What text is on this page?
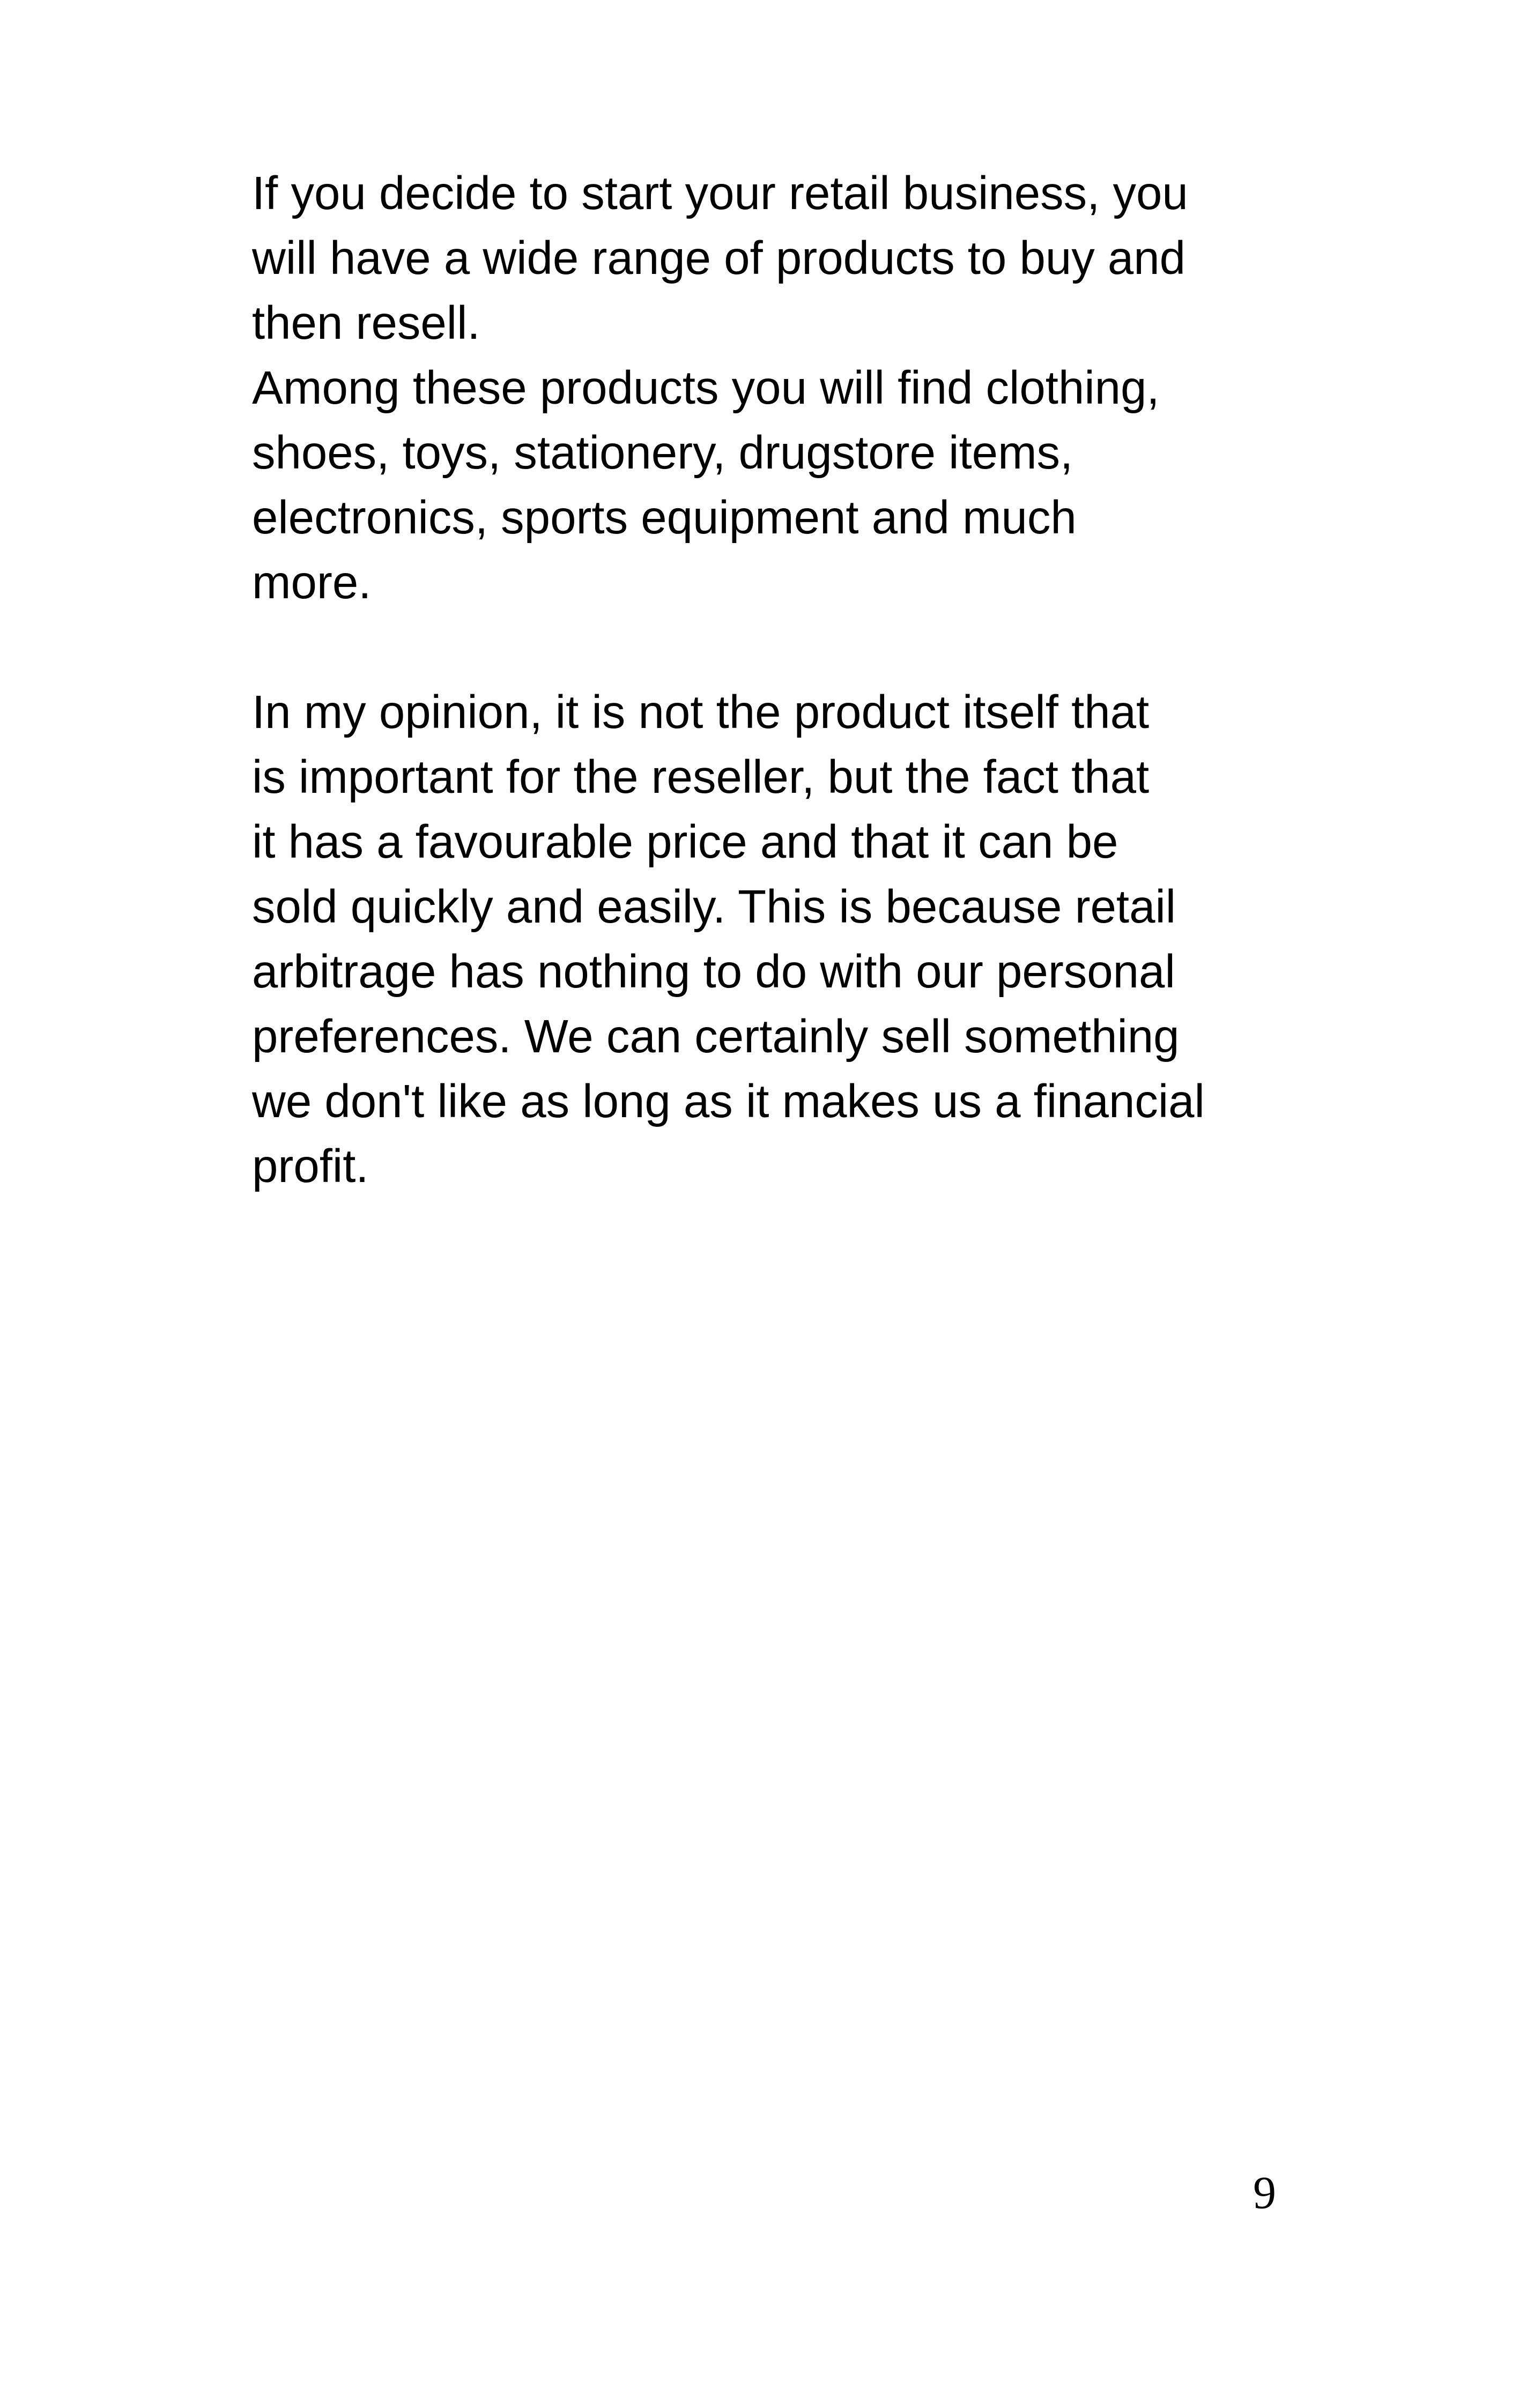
If you decide to start your retail business, you
will have a wide range of products to buy and
then resell.
Among these products you will find clothing,
shoes, toys, stationery, drugstore items,
electronics, sports equipment and much
more.
In my opinion, it is not the product itself that
is important for the reseller, but the fact that
it has a favourable price and that it can be
sold quickly and easily. This is because retail
arbitrage has nothing to do with our personal
preferences. We can certainly sell something
we don't like as long as it makes us a financial
profit.
9
